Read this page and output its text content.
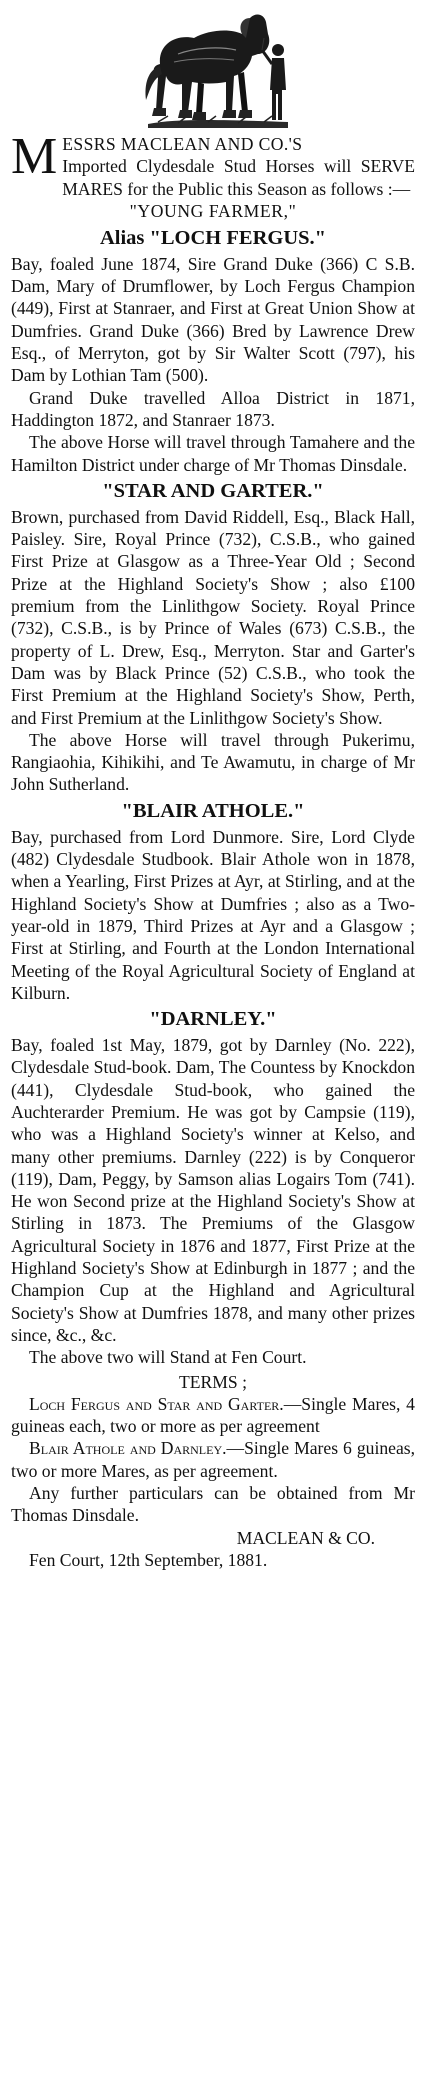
M ESSRS MACLEAN AND CO.'S
Imported Clydesdale Stud Horses will SERVE MARES for the Public this Season as follows :—
"YOUNG FARMER,"
Alias "LOCH FERGUS."

Bay, foaled June 1874, Sire Grand Duke (366) C S.B. Dam, Mary of Drumflower, by Loch Fergus Champion (449), First at Stanraer, and First at Great Union Show at Dumfries. Grand Duke (366) Bred by Lawrence Drew Esq., of Merryton, got by Sir Walter Scott (797), his Dam by Lothian Tam (500).

Grand Duke travelled Alloa District in 1871, Haddington 1872, and Stanraer 1873.

The above Horse will travel through Tamahere and the Hamilton District under charge of Mr Thomas Dinsdale.

"STAR AND GARTER."

Brown, purchased from David Riddell, Esq., Black Hall, Paisley. Sire, Royal Prince (732), C.S.B., who gained First Prize at Glasgow as a Three-Year Old ; Second Prize at the Highland Society's Show ; also £100 premium from the Linlithgow Society. Royal Prince (732), C.S.B., is by Prince of Wales (673) C.S.B., the property of L. Drew, Esq., Merryton. Star and Garter's Dam was by Black Prince (52) C.S.B., who took the First Premium at the Highland Society's Show, Perth, and First Premium at the Linlithgow Society's Show.

The above Horse will travel through Pukerimu, Rangiaohia, Kihikihi, and Te Awamutu, in charge of Mr John Sutherland.

"BLAIR ATHOLE."

Bay, purchased from Lord Dunmore. Sire, Lord Clyde (482) Clydesdale Studbook. Blair Athole won in 1878, when a Yearling, First Prizes at Ayr, at Stirling, and at the Highland Society's Show at Dumfries ; also as a Two-year-old in 1879, Third Prizes at Ayr and a Glasgow ; First at Stirling, and Fourth at the London International Meeting of the Royal Agricultural Society of England at Kilburn.

"DARNLEY."

Bay, foaled 1st May, 1879, got by Darnley (No. 222), Clydesdale Stud-book. Dam, The Countess by Knockdon (441), Clydesdale Stud-book, who gained the Auchterarder Premium. He was got by Campsie (119), who was a Highland Society's winner at Kelso, and many other premiums. Darnley (222) is by Conqueror (119), Dam, Peggy, by Samson alias Logairs Tom (741). He won Second prize at the Highland Society's Show at Stirling in 1873. The Premiums of the Glasgow Agricultural Society in 1876 and 1877, First Prize at the Highland Society's Show at Edinburgh in 1877 ; and the Champion Cup at the Highland and Agricultural Society's Show at Dumfries 1878, and many other prizes since, &c., &c.

The above two will Stand at Fen Court.

TERMS ;

Loch Fergus and Star and Garter.—Single Mares, 4 guineas each, two or more as per agreement

Blair Athole and Darnley.—Single Mares 6 guineas, two or more Mares, as per agreement.

Any further particulars can be obtained from Mr Thomas Dinsdale.

MACLEAN & CO.
Fen Court, 12th September, 1881.
